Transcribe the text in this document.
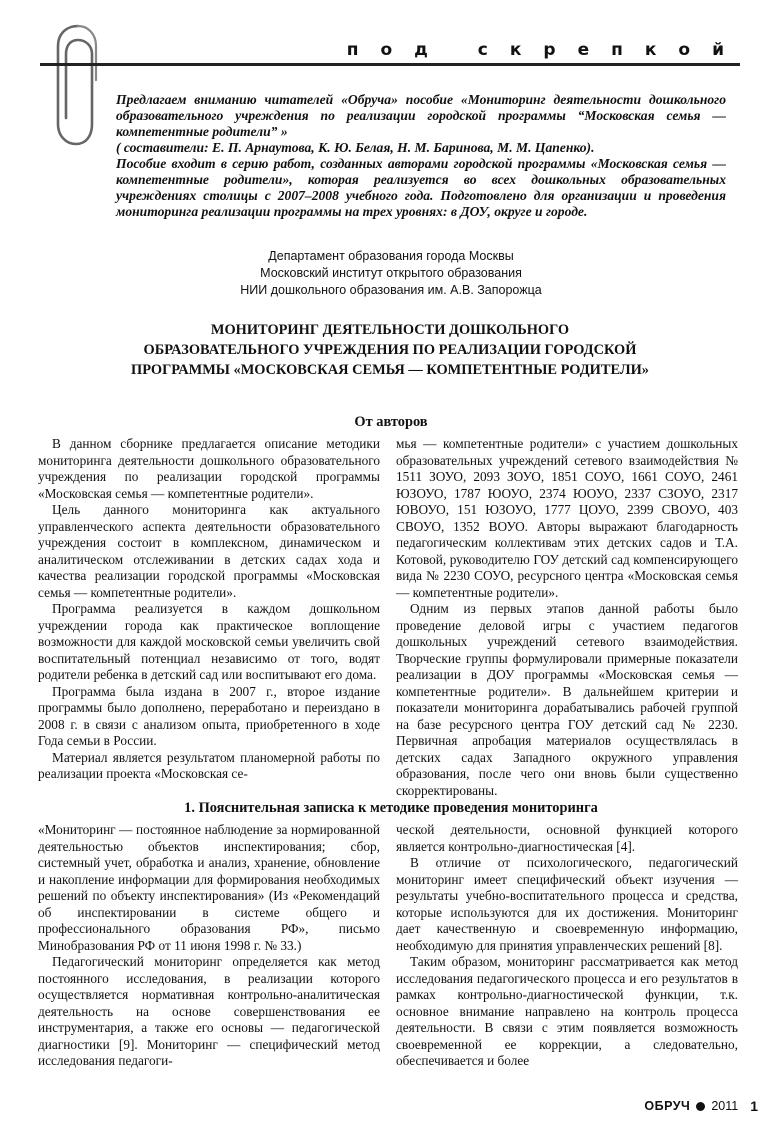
под скрепкой

Предлагаем вниманию читателей «Обруча» пособие «Мониторинг деятельности дошкольного образовательного учреждения по реализации городской программы “Московская семья — компетентные родители” »

( составители: Е. П. Арнаутова, К. Ю. Белая, Н. М. Баринова, М. М. Цапенко).

Пособие входит в серию работ, созданных авторами городской программы «Московская семья — компетентные родители», которая реализуется во всех дошкольных образовательных учреждениях столицы с 2007–2008 учебного года. Подготовлено для организации и проведения мониторинга реализации программы на трех уровнях: в ДОУ, округе и городе.

Департамент образования города Москвы
Московский институт открытого образования
НИИ дошкольного образования им. А.В. Запорожца
МОНИТОРИНГ ДЕЯТЕЛЬНОСТИ ДОШКОЛЬНОГО
ОБРАЗОВАТЕЛЬНОГО УЧРЕЖДЕНИЯ ПО РЕАЛИЗАЦИИ ГОРОДСКОЙ
ПРОГРАММЫ «МОСКОВСКАЯ СЕМЬЯ — КОМПЕТЕНТНЫЕ РОДИТЕЛИ»
От авторов

В данном сборнике предлагается описание методики мониторинга деятельности дошкольного образовательного учреждения по реализации городской программы «Московская семья — компетентные родители».

Цель данного мониторинга как актуального управленческого аспекта деятельности образовательного учреждения состоит в комплексном, динамическом и аналитическом отслеживании в детских садах хода и качества реализации городской программы «Московская семья — компетентные родители».

Программа реализуется в каждом дошкольном учреждении города как практическое воплощение возможности для каждой московской семьи увеличить свой воспитательный потенциал независимо от того, водят родители ребенка в детский сад или воспитывают его дома.

Программа была издана в 2007 г., второе издание программы было дополнено, переработано и переиздано в 2008 г. в связи с анализом опыта, приобретенного в ходе Года семьи в России.

Материал является результатом планомерной работы по реализации проекта «Московская се-

мья — компетентные родители» с участием дошкольных образовательных учреждений сетевого взаимодействия № 1511 ЗОУО, 2093 ЗОУО, 1851 СОУО, 1661 СОУО, 2461 ЮЗОУО, 1787 ЮОУО, 2374 ЮОУО, 2337 СЗОУО, 2317 ЮВОУО, 151 ЮЗОУО, 1777 ЦОУО, 2399 СВОУО, 403 СВОУО, 1352 ВОУО. Авторы выражают благодарность педагогическим коллективам этих детских садов и Т.А. Котовой, руководителю ГОУ детский сад компенсирующего вида № 2230 СОУО, ресурсного центра «Московская семья — компетентные родители».

Одним из первых этапов данной работы было проведение деловой игры с участием педагогов дошкольных учреждений сетевого взаимодействия. Творческие группы формулировали примерные показатели реализации в ДОУ программы «Московская семья — компетентные родители». В дальнейшем критерии и показатели мониторинга дорабатывались рабочей группой на базе ресурсного центра ГОУ детский сад № 2230. Первичная апробация материалов осуществлялась в детских садах Западного окружного управления образования, после чего они вновь были существенно скорректированы.

1. Пояснительная записка к методике проведения мониторинга

«Мониторинг — постоянное наблюдение за нормированной деятельностью объектов инспектирования; сбор, системный учет, обработка и анализ, хранение, обновление и накопление информации для формирования необходимых решений по объекту инспектирования» (Из «Рекомендаций об инспектировании в системе общего и профессионального образования РФ», письмо Минобразования РФ от 11 июня 1998 г. № 33.)

Педагогический мониторинг определяется как метод постоянного исследования, в реализации которого осуществляется нормативная контрольно-аналитическая деятельность на основе совершенствования ее инструментария, а также его основы — педагогической диагностики [9]. Мониторинг — специфический метод исследования педагоги-

ческой деятельности, основной функцией которого является контрольно-диагностическая [4].

В отличие от психологического, педагогический мониторинг имеет специфический объект изучения — результаты учебно-воспитательного процесса и средства, которые используются для их достижения. Мониторинг дает качественную и своевременную информацию, необходимую для принятия управленческих решений [8].

Таким образом, мониторинг рассматривается как метод исследования педагогического процесса и его результатов в рамках контрольно-диагностической функции, т.к. основное внимание направлено на контроль процесса деятельности. В связи с этим появляется возможность своевременной ее коррекции, а следовательно, обеспечивается и более

ОБРУЧ 2011 1
